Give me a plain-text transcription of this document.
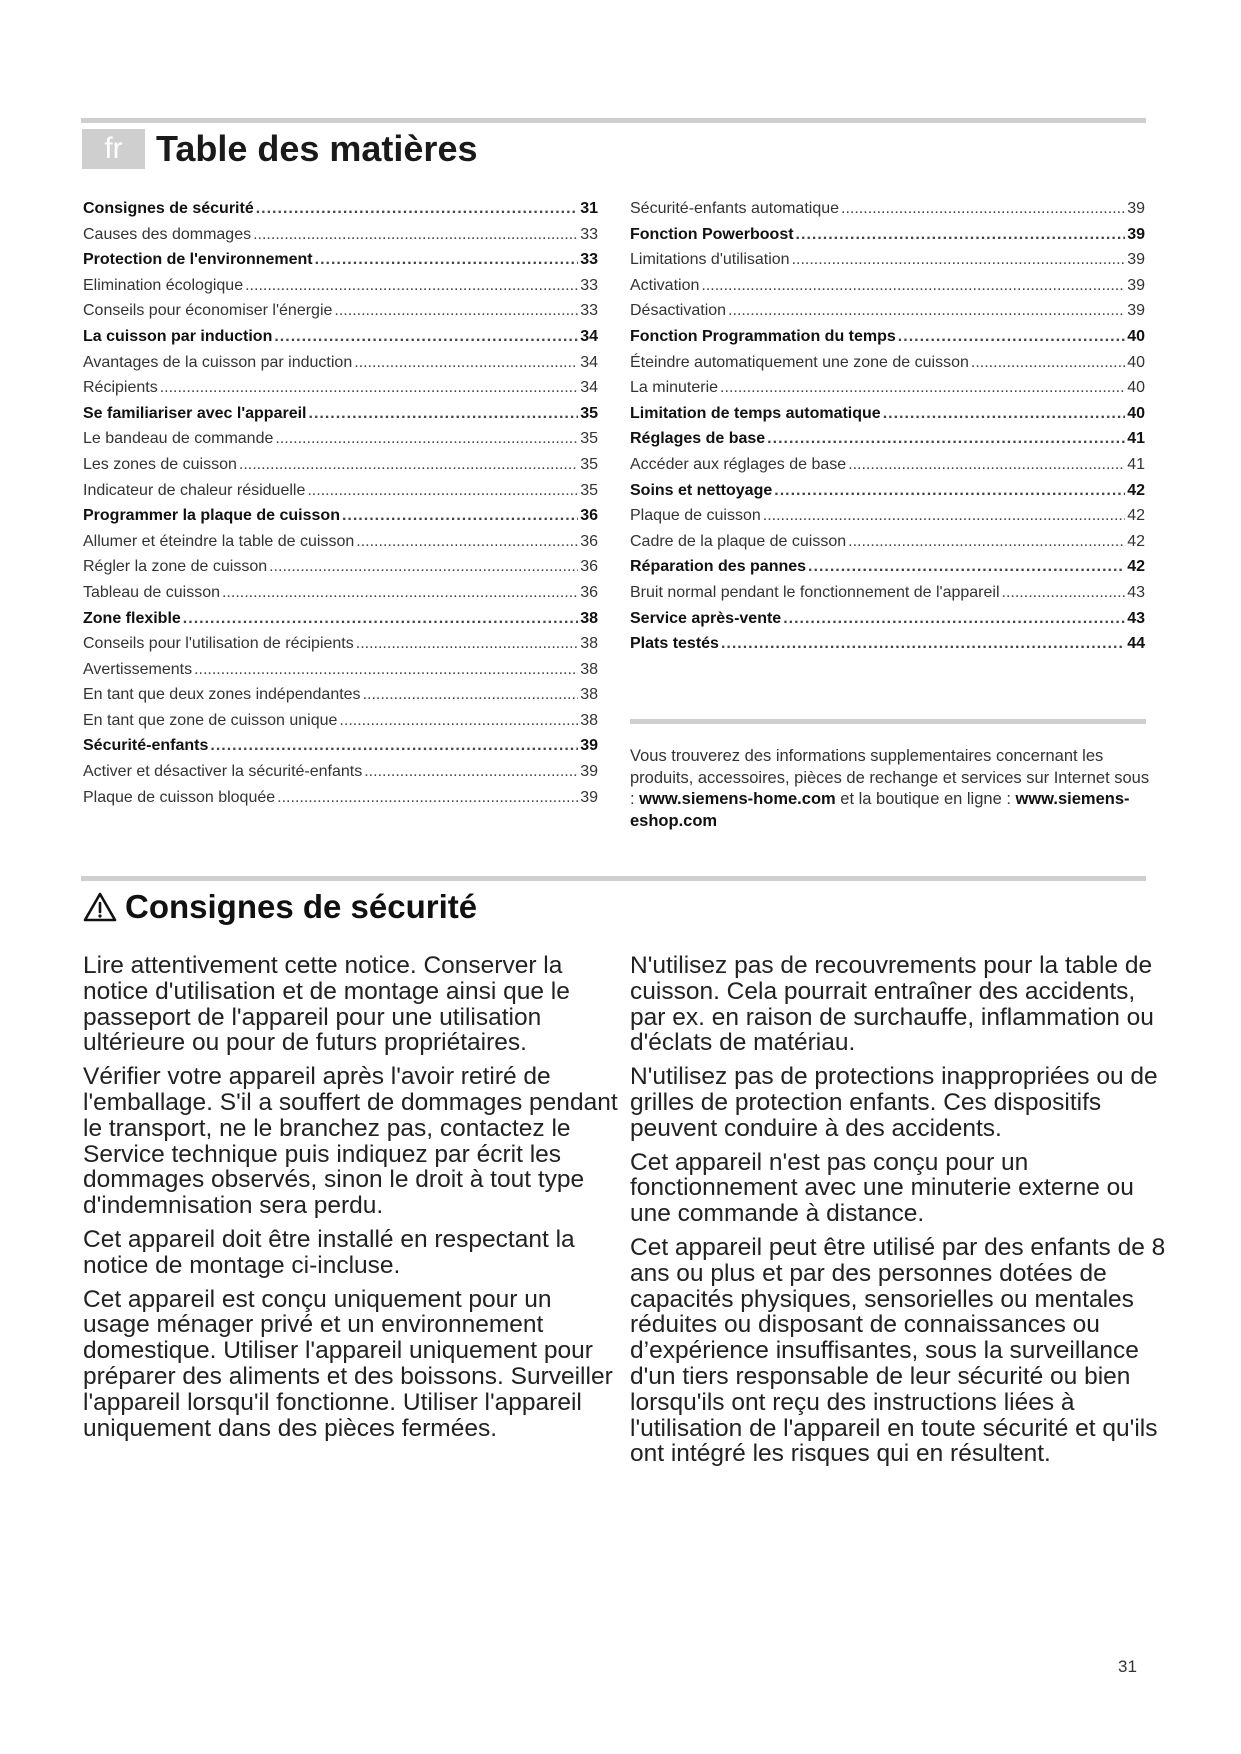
fr Table des matières
Consignes de sécurité .....	31
Causes des dommages .....	33
Protection de l'environnement .....	33
Elimination écologique .....	33
Conseils pour économiser l'énergie .....	33
La cuisson par induction .....	34
Avantages de la cuisson par induction .....	34
Récipients .....	34
Se familiariser avec l'appareil .....	35
Le bandeau de commande .....	35
Les zones de cuisson .....	35
Indicateur de chaleur résiduelle .....	35
Programmer la plaque de cuisson .....	36
Allumer et éteindre la table de cuisson .....	36
Régler la zone de cuisson .....	36
Tableau de cuisson .....	36
Zone flexible .....	38
Conseils pour l'utilisation de récipients .....	38
Avertissements .....	38
En tant que deux zones indépendantes .....	38
En tant que zone de cuisson unique .....	38
Sécurité-enfants .....	39
Activer et désactiver la sécurité-enfants .....	39
Plaque de cuisson bloquée .....	39
Sécurité-enfants automatique .....	39
Fonction Powerboost .....	39
Limitations d'utilisation .....	39
Activation .....	39
Désactivation .....	39
Fonction Programmation du temps .....	40
Éteindre automatiquement une zone de cuisson .....	40
La minuterie .....	40
Limitation de temps automatique .....	40
Réglages de base .....	41
Accéder aux réglages de base .....	41
Soins et nettoyage .....	42
Plaque de cuisson .....	42
Cadre de la plaque de cuisson .....	42
Réparation des pannes .....	42
Bruit normal pendant le fonctionnement de l'appareil .....	43
Service après-vente .....	43
Plats testés .....	44
Vous trouverez des informations supplementaires concernant les produits, accessoires, pièces de rechange et services sur Internet sous : www.siemens-home.com et la boutique en ligne : www.siemens-eshop.com
Consignes de sécurité

Lire attentivement cette notice. Conserver la notice d'utilisation et de montage ainsi que le passeport de l'appareil pour une utilisation ultérieure ou pour de futurs propriétaires.

Vérifier votre appareil après l'avoir retiré de l'emballage. S'il a souffert de dommages pendant le transport, ne le branchez pas, contactez le Service technique puis indiquez par écrit les dommages observés, sinon le droit à tout type d'indemnisation sera perdu.

Cet appareil doit être installé en respectant la notice de montage ci-incluse.

Cet appareil est conçu uniquement pour un usage ménager privé et un environnement domestique. Utiliser l'appareil uniquement pour préparer des aliments et des boissons. Surveiller l'appareil lorsqu'il fonctionne. Utiliser l'appareil uniquement dans des pièces fermées.

N'utilisez pas de recouvrements pour la table de cuisson. Cela pourrait entraîner des accidents, par ex. en raison de surchauffe, inflammation ou d'éclats de matériau.

N'utilisez pas de protections inappropriées ou de grilles de protection enfants. Ces dispositifs peuvent conduire à des accidents.

Cet appareil n'est pas conçu pour un fonctionnement avec une minuterie externe ou une commande à distance.

Cet appareil peut être utilisé par des enfants de 8 ans ou plus et par des personnes dotées de capacités physiques, sensorielles ou mentales réduites ou disposant de connaissances ou d’expérience insuffisantes, sous la surveillance d'un tiers responsable de leur sécurité ou bien lorsqu'ils ont reçu des instructions liées à l'utilisation de l'appareil en toute sécurité et qu'ils ont intégré les risques qui en résultent.

31
